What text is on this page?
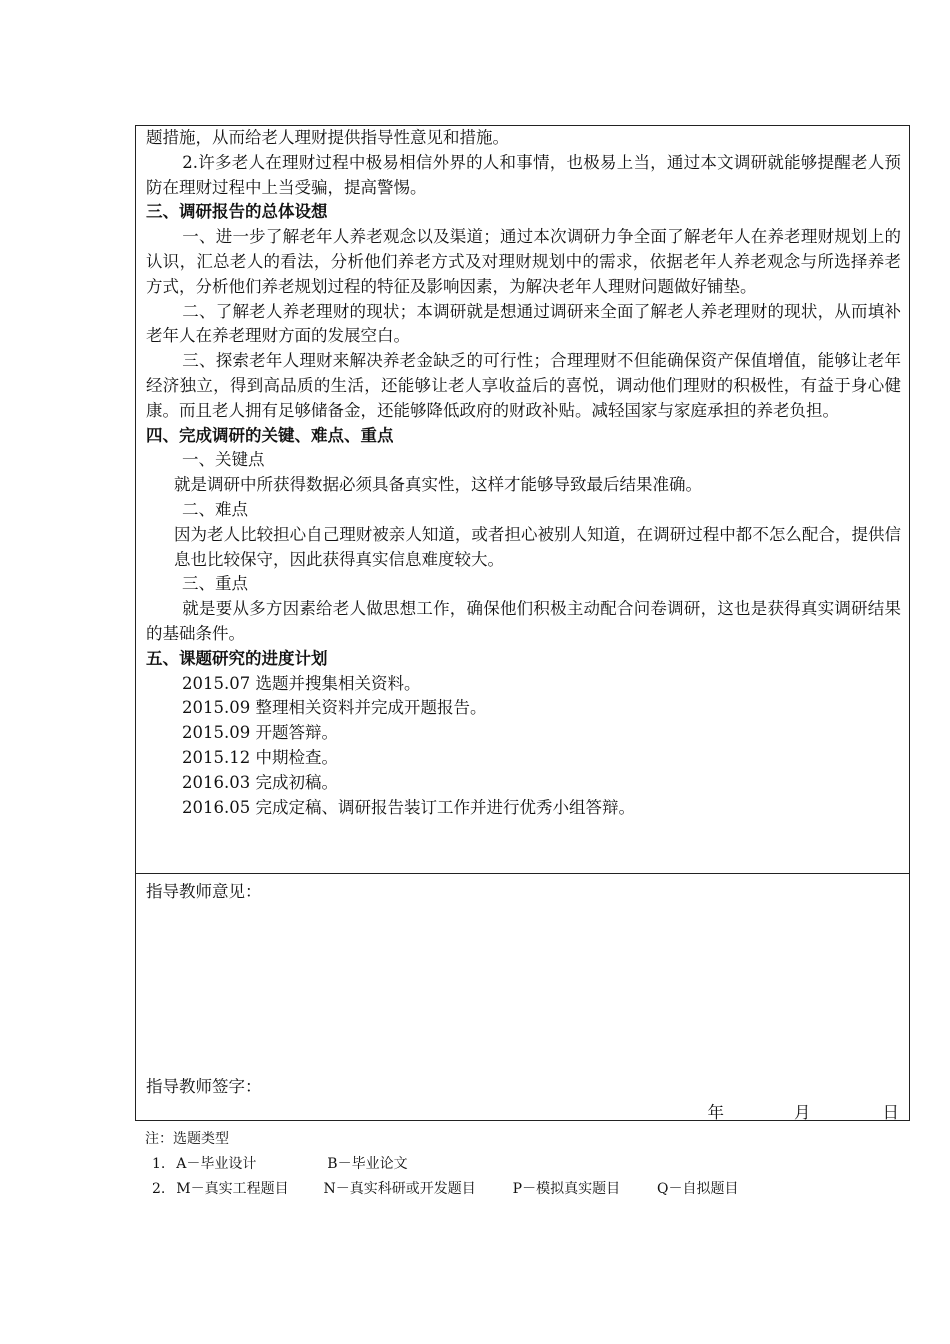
题措施，从而给老人理财提供指导性意见和措施。

2.许多老人在理财过程中极易相信外界的人和事情，也极易上当，通过本文调研就能够提醒老人预防在理财过程中上当受骗，提高警惕。

三、调研报告的总体设想

一、进一步了解老年人养老观念以及渠道；通过本次调研力争全面了解老年人在养老理财规划上的认识，汇总老人的看法，分析他们养老方式及对理财规划中的需求，依据老年人养老观念与所选择养老方式，分析他们养老规划过程的特征及影响因素，为解决老年人理财问题做好铺垫。

二、了解老人养老理财的现状；本调研就是想通过调研来全面了解老人养老理财的现状，从而填补老年人在养老理财方面的发展空白。

三、探索老年人理财来解决养老金缺乏的可行性；合理理财不但能确保资产保值增值，能够让老年经济独立，得到高品质的生活，还能够让老人享收益后的喜悦，调动他们理财的积极性，有益于身心健康。而且老人拥有足够储备金，还能够降低政府的财政补贴。减轻国家与家庭承担的养老负担。

四、完成调研的关键、难点、重点

一、关键点

就是调研中所获得数据必须具备真实性，这样才能够导致最后结果准确。

二、难点

因为老人比较担心自己理财被亲人知道，或者担心被别人知道，在调研过程中都不怎么配合，提供信息也比较保守，因此获得真实信息难度较大。

三、重点

就是要从多方因素给老人做思想工作，确保他们积极主动配合问卷调研，这也是获得真实调研结果的基础条件。

五、课题研究的进度计划

2015.07 选题并搜集相关资料。

2015.09 整理相关资料并完成开题报告。

2015.09 开题答辩。

2015.12 中期检查。

2016.03 完成初稿。

2016.05 完成定稿、调研报告装订工作并进行优秀小组答辩。

指导教师意见：
指导教师签字：
年	月	日
注：选题类型
1. A－毕业设计	B－毕业论文
2. M－真实工程题目 N－真实科研或开发题目	P－模拟真实题目	Q－自拟题目
